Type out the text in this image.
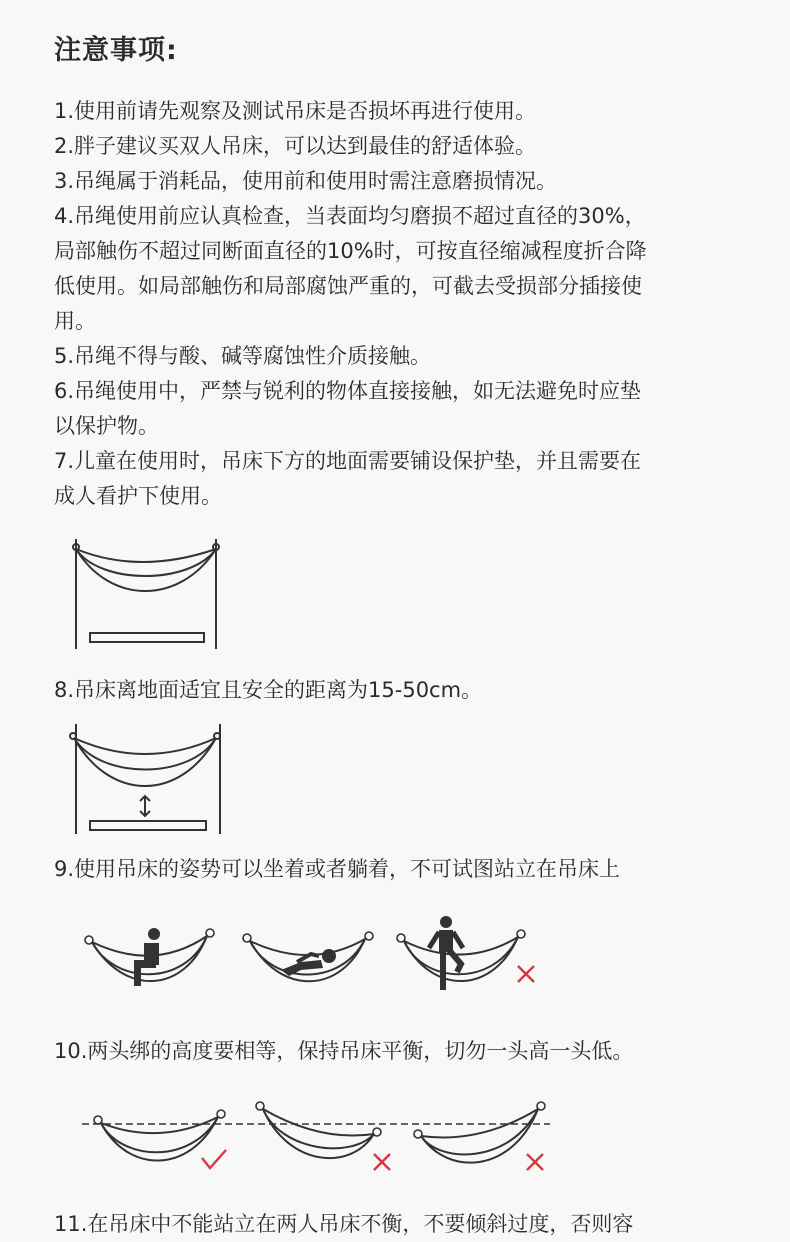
注意事项:
1.使用前请先观察及测试吊床是否损坏再进行使用。
2.胖子建议买双人吊床，可以达到最佳的舒适体验。
3.吊绳属于消耗品，使用前和使用时需注意磨损情况。
4.吊绳使用前应认真检查，当表面均匀磨损不超过直径的30%，
局部触伤不超过同断面直径的10%时，可按直径缩减程度折合降
低使用。如局部触伤和局部腐蚀严重的，可截去受损部分插接使
用。
5.吊绳不得与酸、碱等腐蚀性介质接触。
6.吊绳使用中，严禁与锐利的物体直接接触，如无法避免时应垫
以保护物。
7.儿童在使用时，吊床下方的地面需要铺设保护垫，并且需要在
成人看护下使用。
8.吊床离地面适宜且安全的距离为15-50cm。
9.使用吊床的姿势可以坐着或者躺着，不可试图站立在吊床上
10.两头绑的高度要相等，保持吊床平衡，切勿一头高一头低。
11.在吊床中不能站立在两人吊床不衡，不要倾斜过度，否则容
